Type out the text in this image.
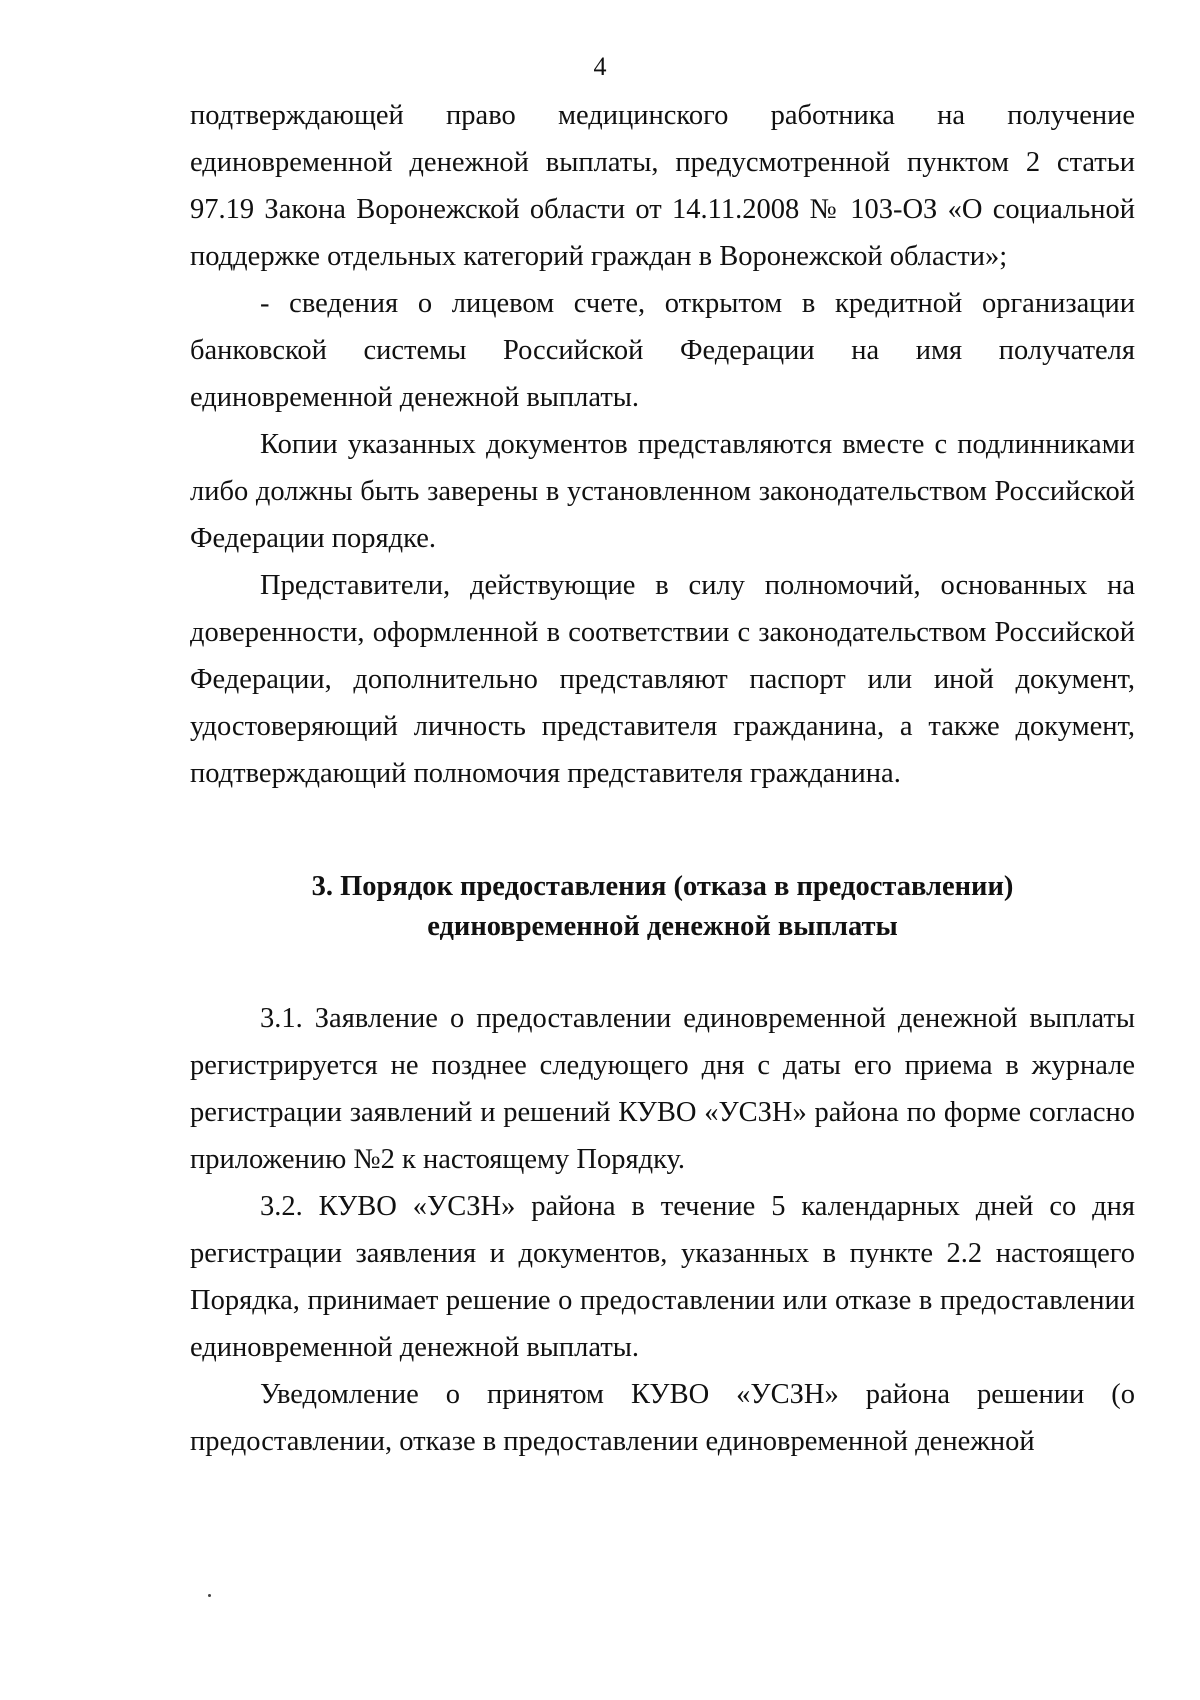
4

подтверждающей право медицинского работника на получение единовременной денежной выплаты, предусмотренной пунктом 2 статьи 97.19 Закона Воронежской области от 14.11.2008 № 103-ОЗ «О социальной поддержке отдельных категорий граждан в Воронежской области»;

- сведения о лицевом счете, открытом в кредитной организации банковской системы Российской Федерации на имя получателя единовременной денежной выплаты.

Копии указанных документов представляются вместе с подлинниками либо должны быть заверены в установленном законодательством Российской Федерации порядке.

Представители, действующие в силу полномочий, основанных на доверенности, оформленной в соответствии с законодательством Российской Федерации, дополнительно представляют паспорт или иной документ, удостоверяющий личность представителя гражданина, а также документ, подтверждающий полномочия представителя гражданина.

3. Порядок предоставления (отказа в предоставлении)
единовременной денежной выплаты

3.1. Заявление о предоставлении единовременной денежной выплаты регистрируется не позднее следующего дня с даты его приема в журнале регистрации заявлений и решений КУВО «УСЗН» района по форме согласно приложению №2 к настоящему Порядку.

3.2. КУВО «УСЗН» района в течение 5 календарных дней со дня регистрации заявления и документов, указанных в пункте 2.2 настоящего Порядка, принимает решение о предоставлении или отказе в предоставлении единовременной денежной выплаты.

Уведомление о принятом КУВО «УСЗН» района решении (о предоставлении, отказе в предоставлении единовременной денежной
